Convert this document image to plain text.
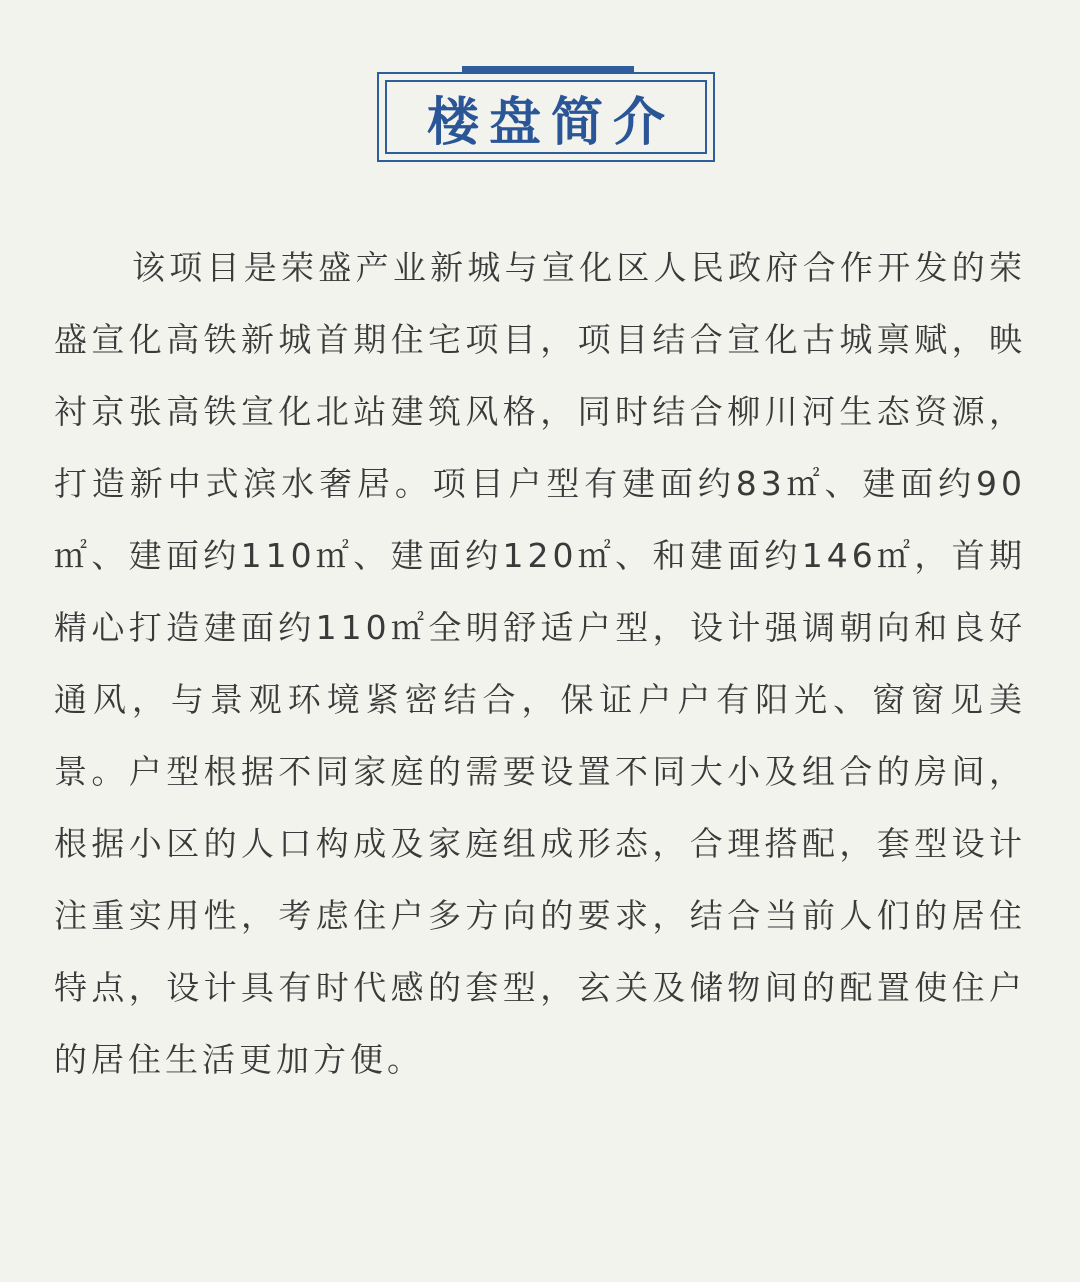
楼盘简介

该项目是荣盛产业新城与宣化区人民政府合作开发的荣盛宣化高铁新城首期住宅项目，项目结合宣化古城禀赋，映衬京张高铁宣化北站建筑风格，同时结合柳川河生态资源，打造新中式滨水奢居。项目户型有建面约83㎡、建面约90㎡、建面约110㎡、建面约120㎡、和建面约146㎡，首期精心打造建面约110㎡全明舒适户型，设计强调朝向和良好通风，与景观环境紧密结合，保证户户有阳光、窗窗见美景。户型根据不同家庭的需要设置不同大小及组合的房间，根据小区的人口构成及家庭组成形态，合理搭配，套型设计注重实用性，考虑住户多方向的要求，结合当前人们的居住特点，设计具有时代感的套型，玄关及储物间的配置使住户的居住生活更加方便。
